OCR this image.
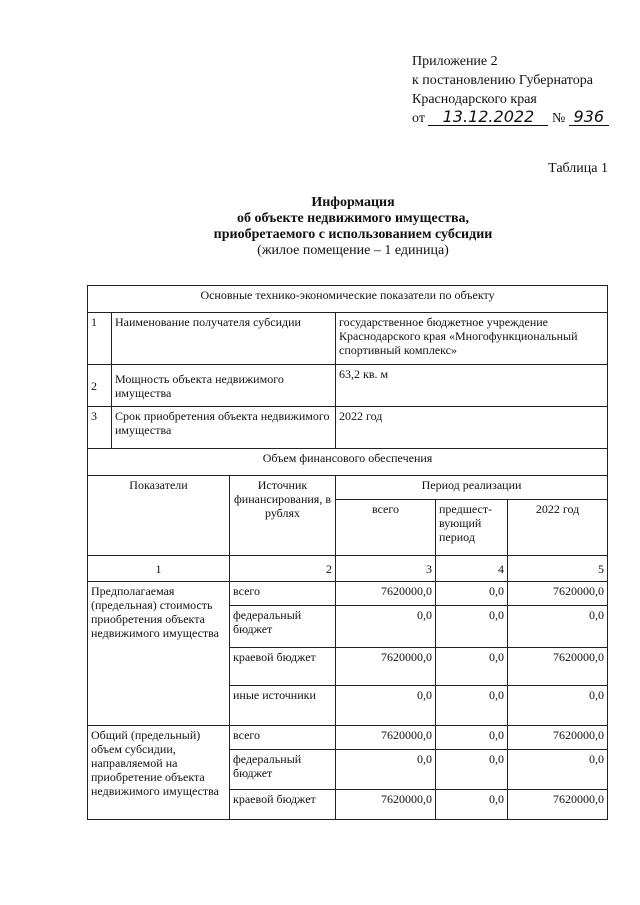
Приложение 2
к постановлению Губернатора
Краснодарского края
от 13.12.2022 № 936
Таблица 1
Информация
об объекте недвижимого имущества,
приобретаемого с использованием субсидии
(жилое помещение – 1 единица)
Основные технико-экономические показатели по объекту					
1	Наименование получателя субсидии		государственное бюджетное учреждение Краснодарского края «Многофункциональный спортивный комплекс»		
2	Мощность объекта недвижимого имущества		63,2 кв. м		
3	Срок приобретения объекта недвижимого имущества		2022 год		
Объем финансового обеспечения					
Показатели		Источник финансирования, в рублях	Период реализации		
			всего	предшест-вующий период	2022 год
1		2	3	4	5
Предполагаемая (предельная) стоимость приобретения объекта недвижимого имущества		всего	7620000,0	0,0	7620000,0
		федеральный бюджет	0,0	0,0	0,0
		краевой бюджет	7620000,0	0,0	7620000,0
		иные источники	0,0	0,0	0,0
Общий (предельный) объем субсидии, направляемой на приобретение объекта недвижимого имущества		всего	7620000,0	0,0	7620000,0
		федеральный бюджет	0,0	0,0	0,0
		краевой бюджет	7620000,0	0,0	7620000,0
